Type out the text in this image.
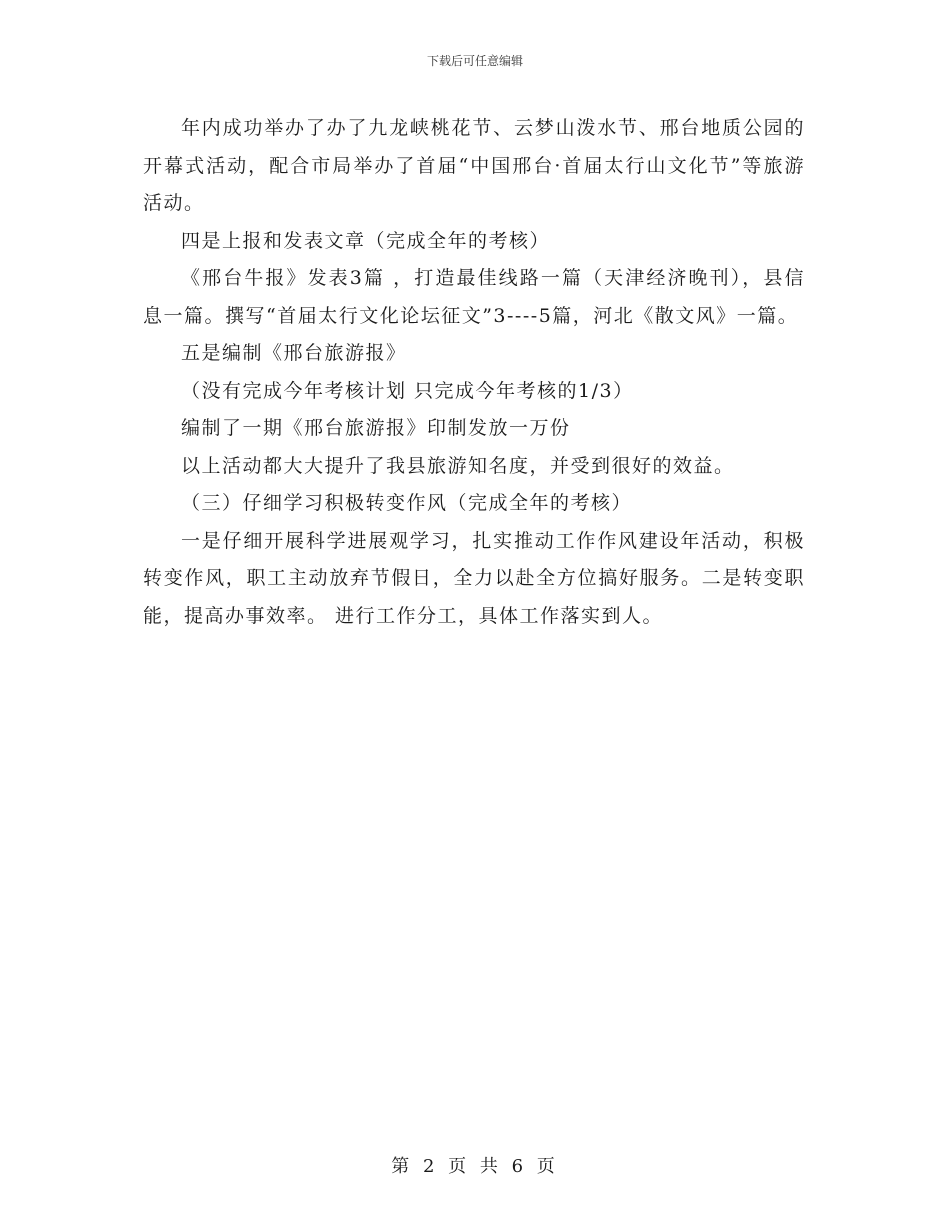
下载后可任意编辑

年内成功举办了办了九龙峡桃花节、云梦山泼水节、邢台地质公园的开幕式活动，配合市局举办了首届“中国邢台·首届太行山文化节”等旅游活动。

四是上报和发表文章（完成全年的考核）

《邢台牛报》发表3篇 ，打造最佳线路一篇（天津经济晚刊），县信息一篇。撰写“首届太行文化论坛征文”3----5篇，河北《散文风》一篇。

五是编制《邢台旅游报》

（没有完成今年考核计划 只完成今年考核的1/3）

编制了一期《邢台旅游报》印制发放一万份

以上活动都大大提升了我县旅游知名度，并受到很好的效益。

（三）仔细学习积极转变作风（完成全年的考核）

一是仔细开展科学进展观学习，扎实推动工作作风建设年活动，积极转变作风，职工主动放弃节假日，全力以赴全方位搞好服务。二是转变职能，提高办事效率。 进行工作分工，具体工作落实到人。

第 2 页 共 6 页
